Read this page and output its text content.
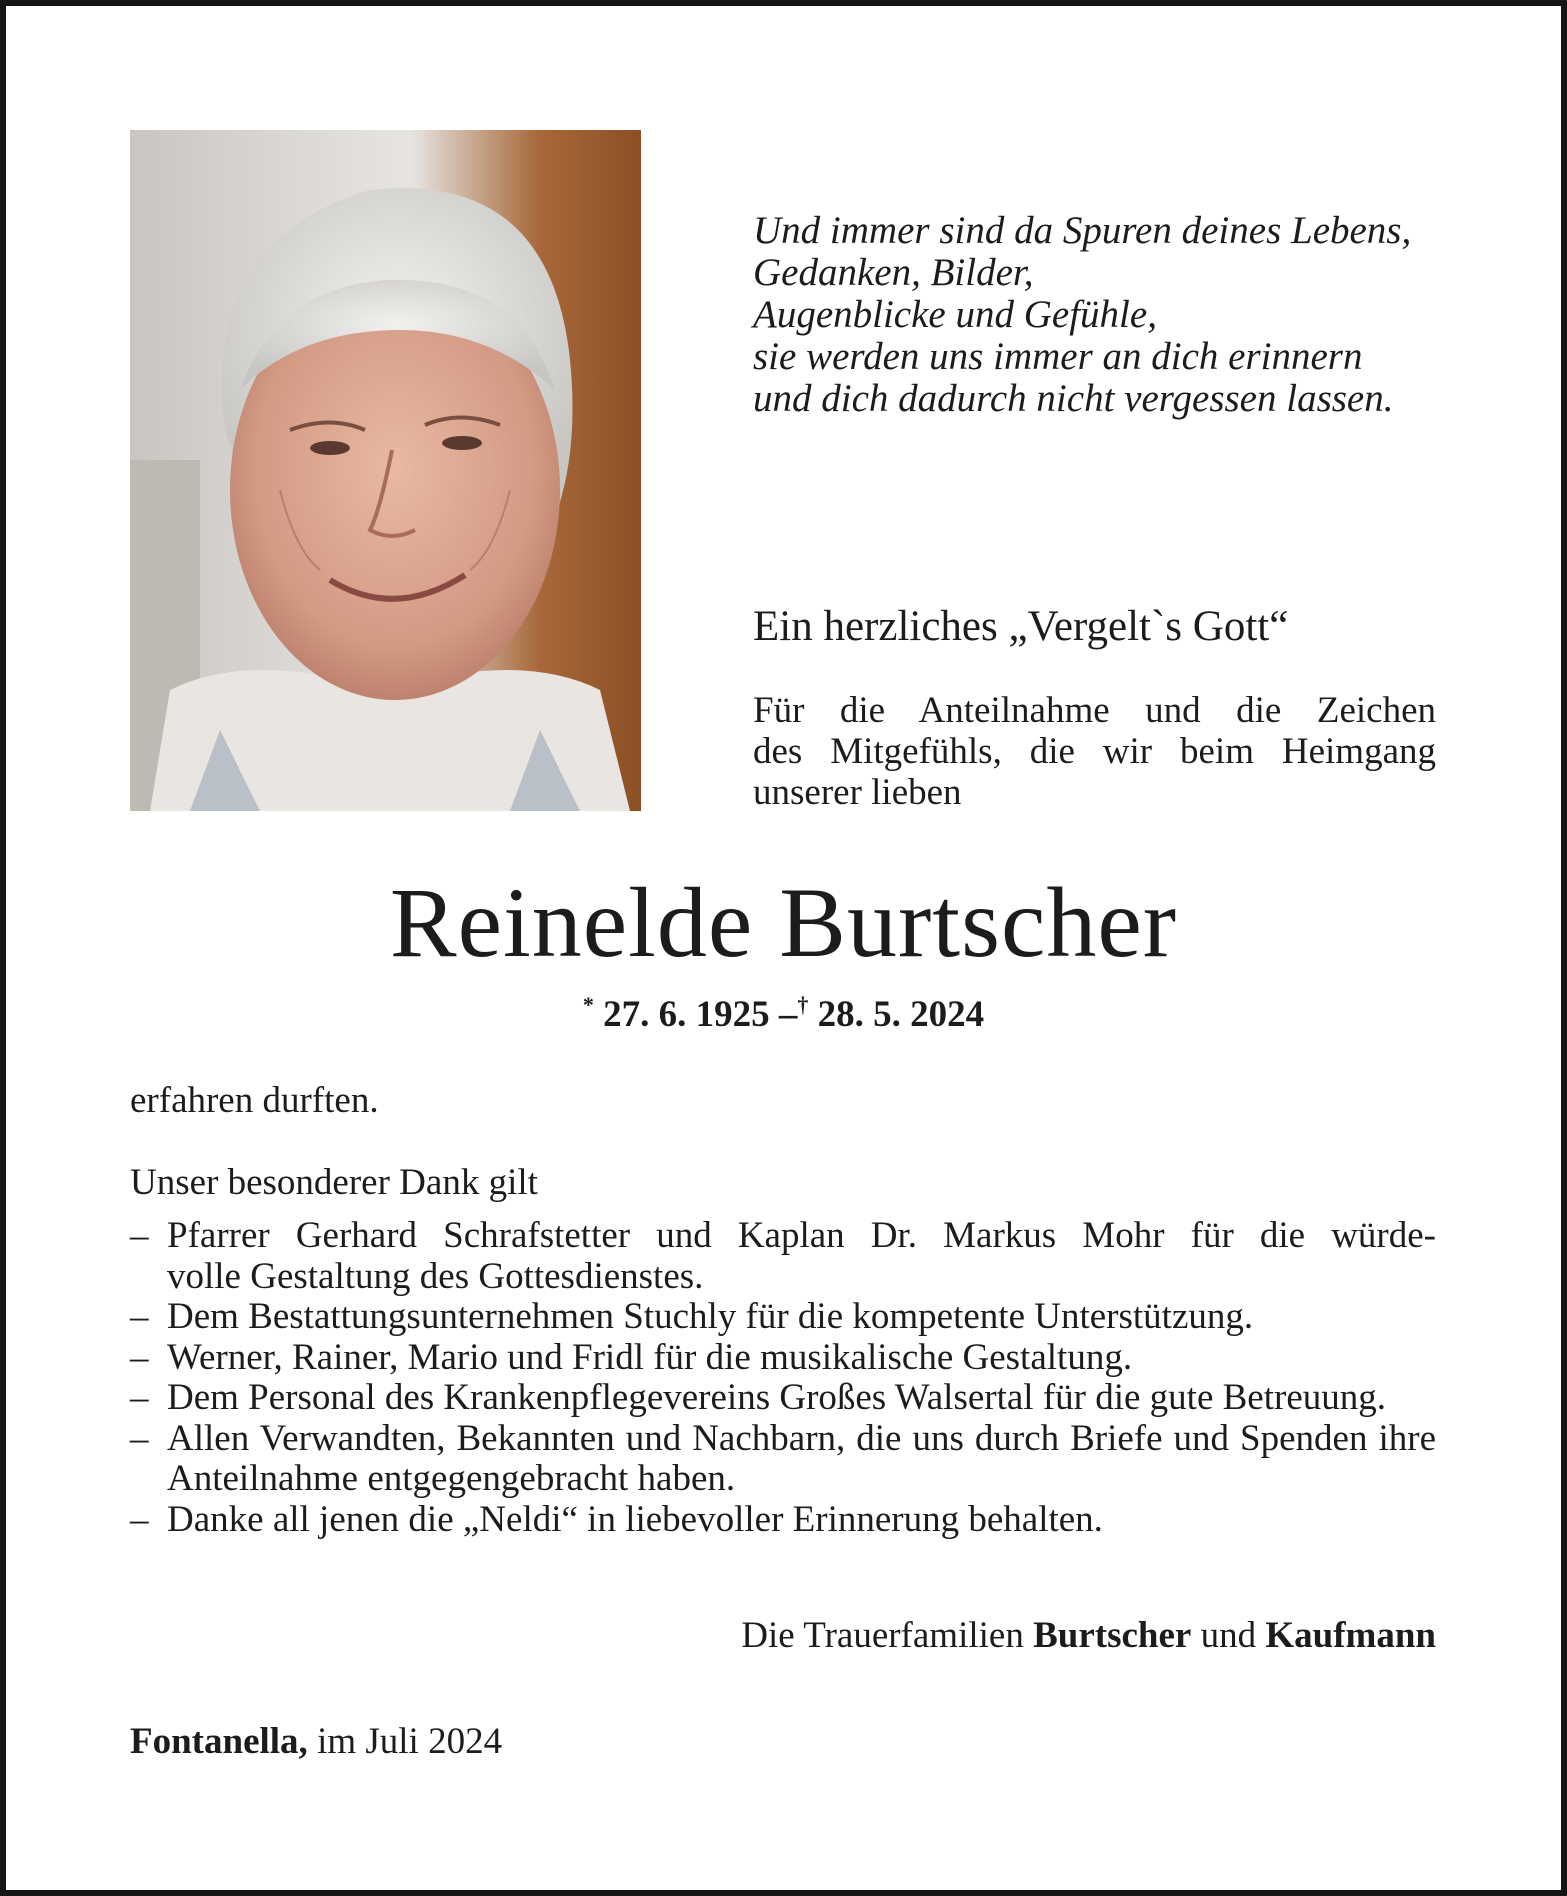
Und immer sind da Spuren deines Lebens,
Gedanken, Bilder,
Augenblicke und Gefühle,
sie werden uns immer an dich erinnern
und dich dadurch nicht vergessen lassen.
Ein herzliches „Vergelt`s Gott“
Für die Anteilnahme und die Zeichen
des Mitgefühls, die wir beim Heimgang
unserer lieben
Reinelde Burtscher
* 27. 6. 1925 –† 28. 5. 2024
erfahren durften.
Unser besonderer Dank gilt
– Pfarrer Gerhard Schrafstetter und Kaplan Dr. Markus Mohr für die würde-
volle Gestaltung des Gottesdienstes.
– Dem Bestattungsunternehmen Stuchly für die kompetente Unterstützung.
– Werner, Rainer, Mario und Fridl für die musikalische Gestaltung.
– Dem Personal des Krankenpflegevereins Großes Walsertal für die gute Betreuung.
– Allen Verwandten, Bekannten und Nachbarn, die uns durch Briefe und Spenden ihre Anteilnahme entgegengebracht haben.
– Danke all jenen die „Neldi“ in liebevoller Erinnerung behalten.
Die Trauerfamilien Burtscher und Kaufmann
Fontanella, im Juli 2024
